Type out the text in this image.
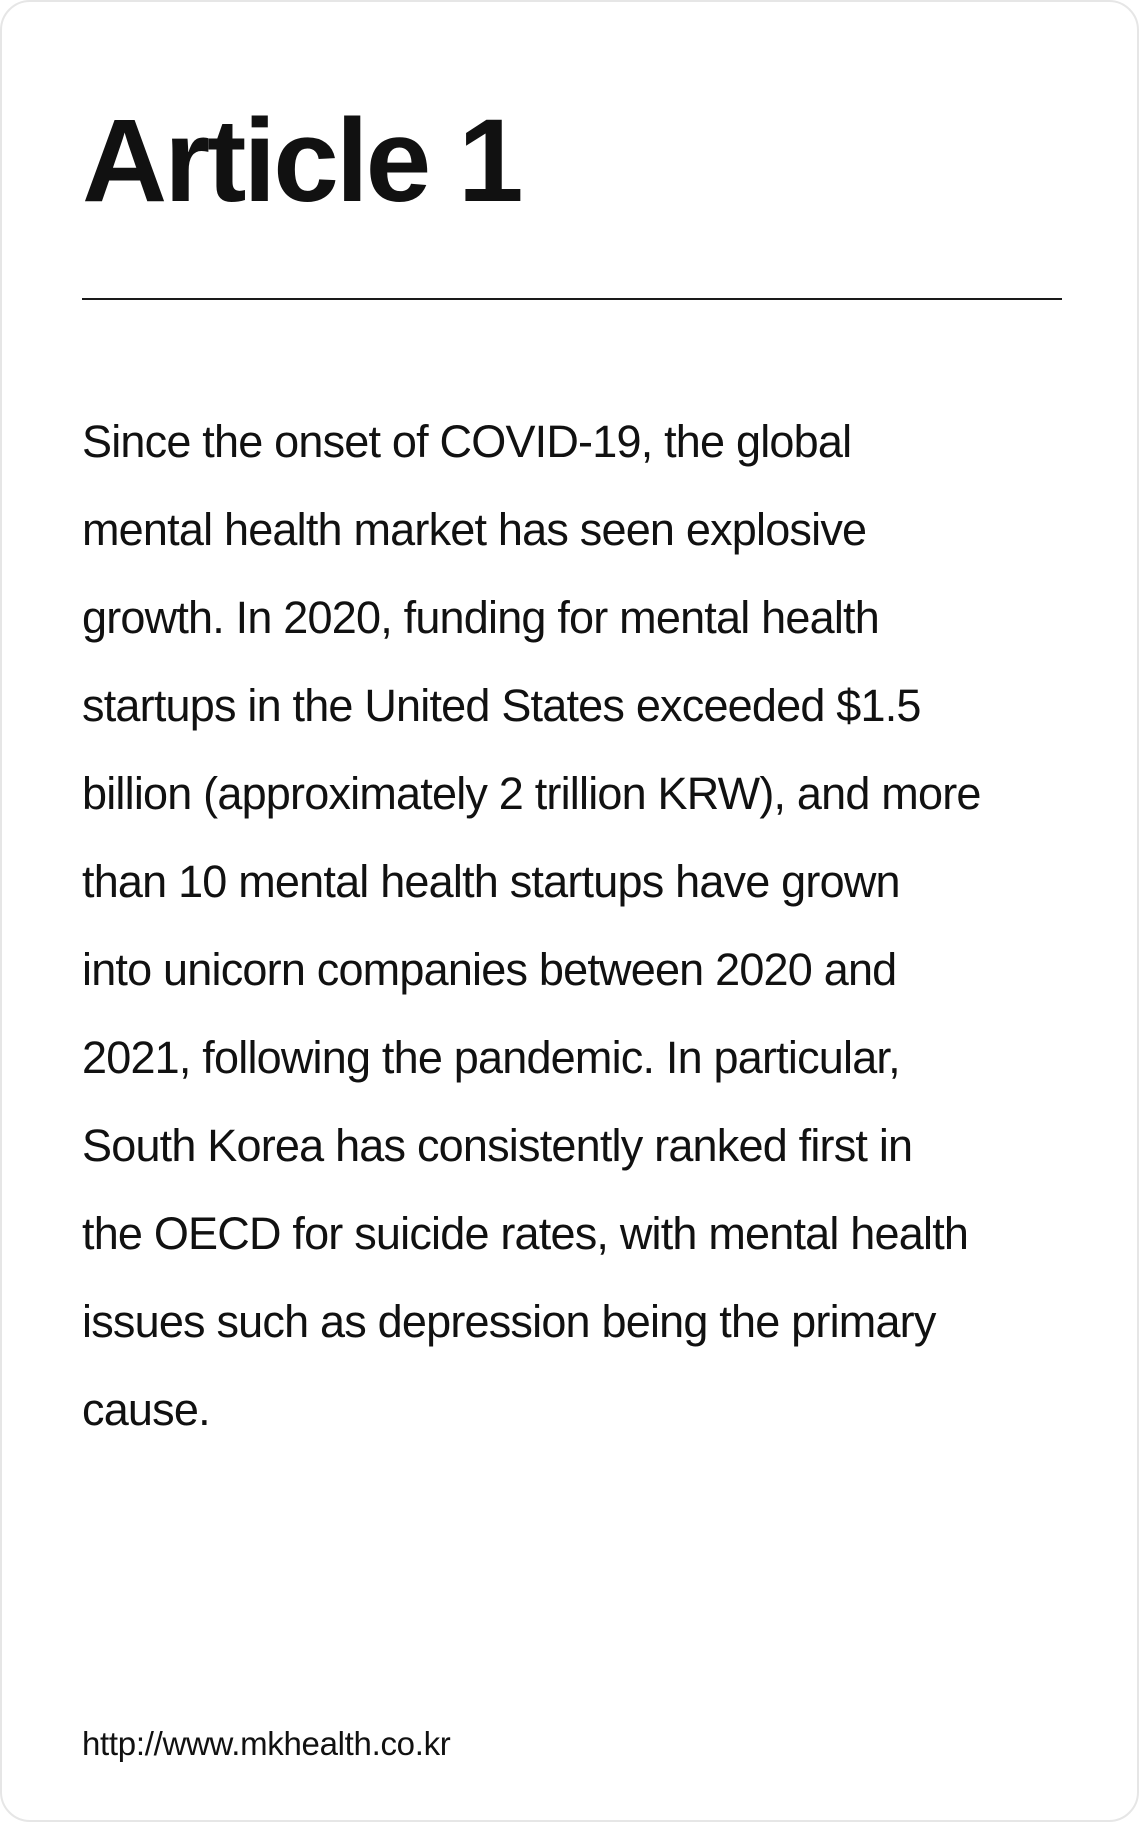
Article 1
Since the onset of COVID-19, the global
mental health market has seen explosive
growth. In 2020, funding for mental health
startups in the United States exceeded $1.5
billion (approximately 2 trillion KRW), and more
than 10 mental health startups have grown
into unicorn companies between 2020 and
2021, following the pandemic. In particular,
South Korea has consistently ranked first in
the OECD for suicide rates, with mental health
issues such as depression being the primary
cause.

http://www.mkhealth.co.kr
